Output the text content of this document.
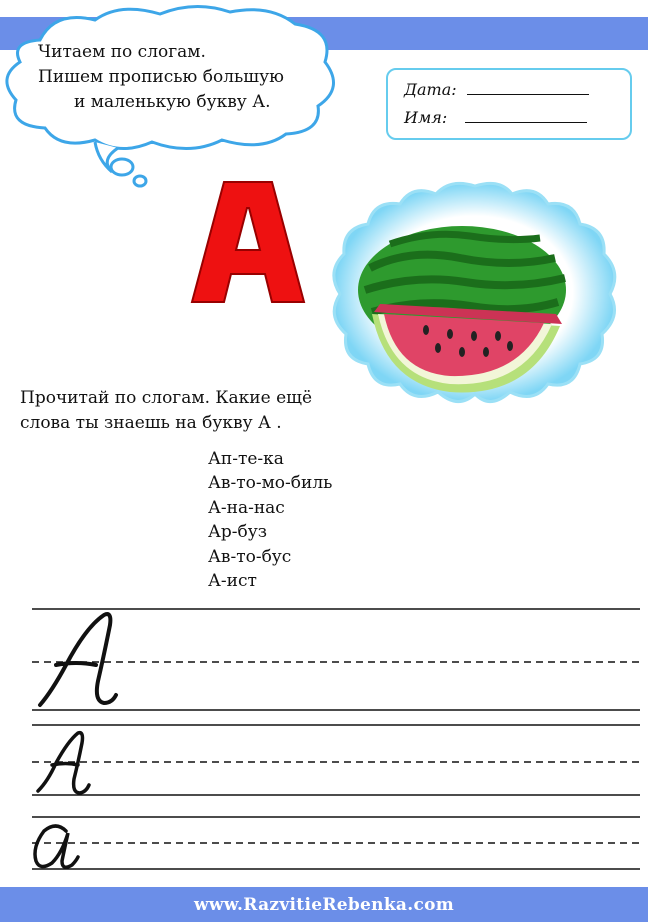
Читаем по слогам.
Пишем прописью большую
и маленькую букву А.
Дата:
Имя:
Прочитай по слогам. Какие ещё
слова ты знаешь на букву А .
Ап-те-ка
Ав-то-мо-биль
А-на-нас
Ар-буз
Ав-то-бус
А-ист
www.RazvitieRebenka.com
